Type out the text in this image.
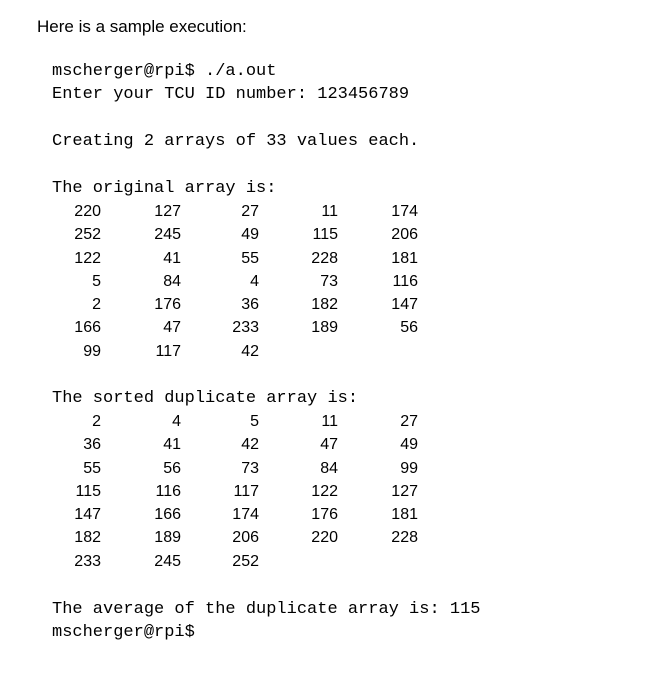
Here is a sample execution:
mscherger@rpi$ ./a.out
Enter your TCU ID number: 123456789
Creating 2 arrays of 33 values each.
The original array is:
220	127	27	11	174
252	245	49	115	206
122	41	55	228	181
5	84	4	73	116
2	176	36	182	147
166	47	233	189	56
99	117	42
The sorted duplicate array is:
2	4	5	11	27
36	41	42	47	49
55	56	73	84	99
115	116	117	122	127
147	166	174	176	181
182	189	206	220	228
233	245	252
The average of the duplicate array is: 115
mscherger@rpi$
